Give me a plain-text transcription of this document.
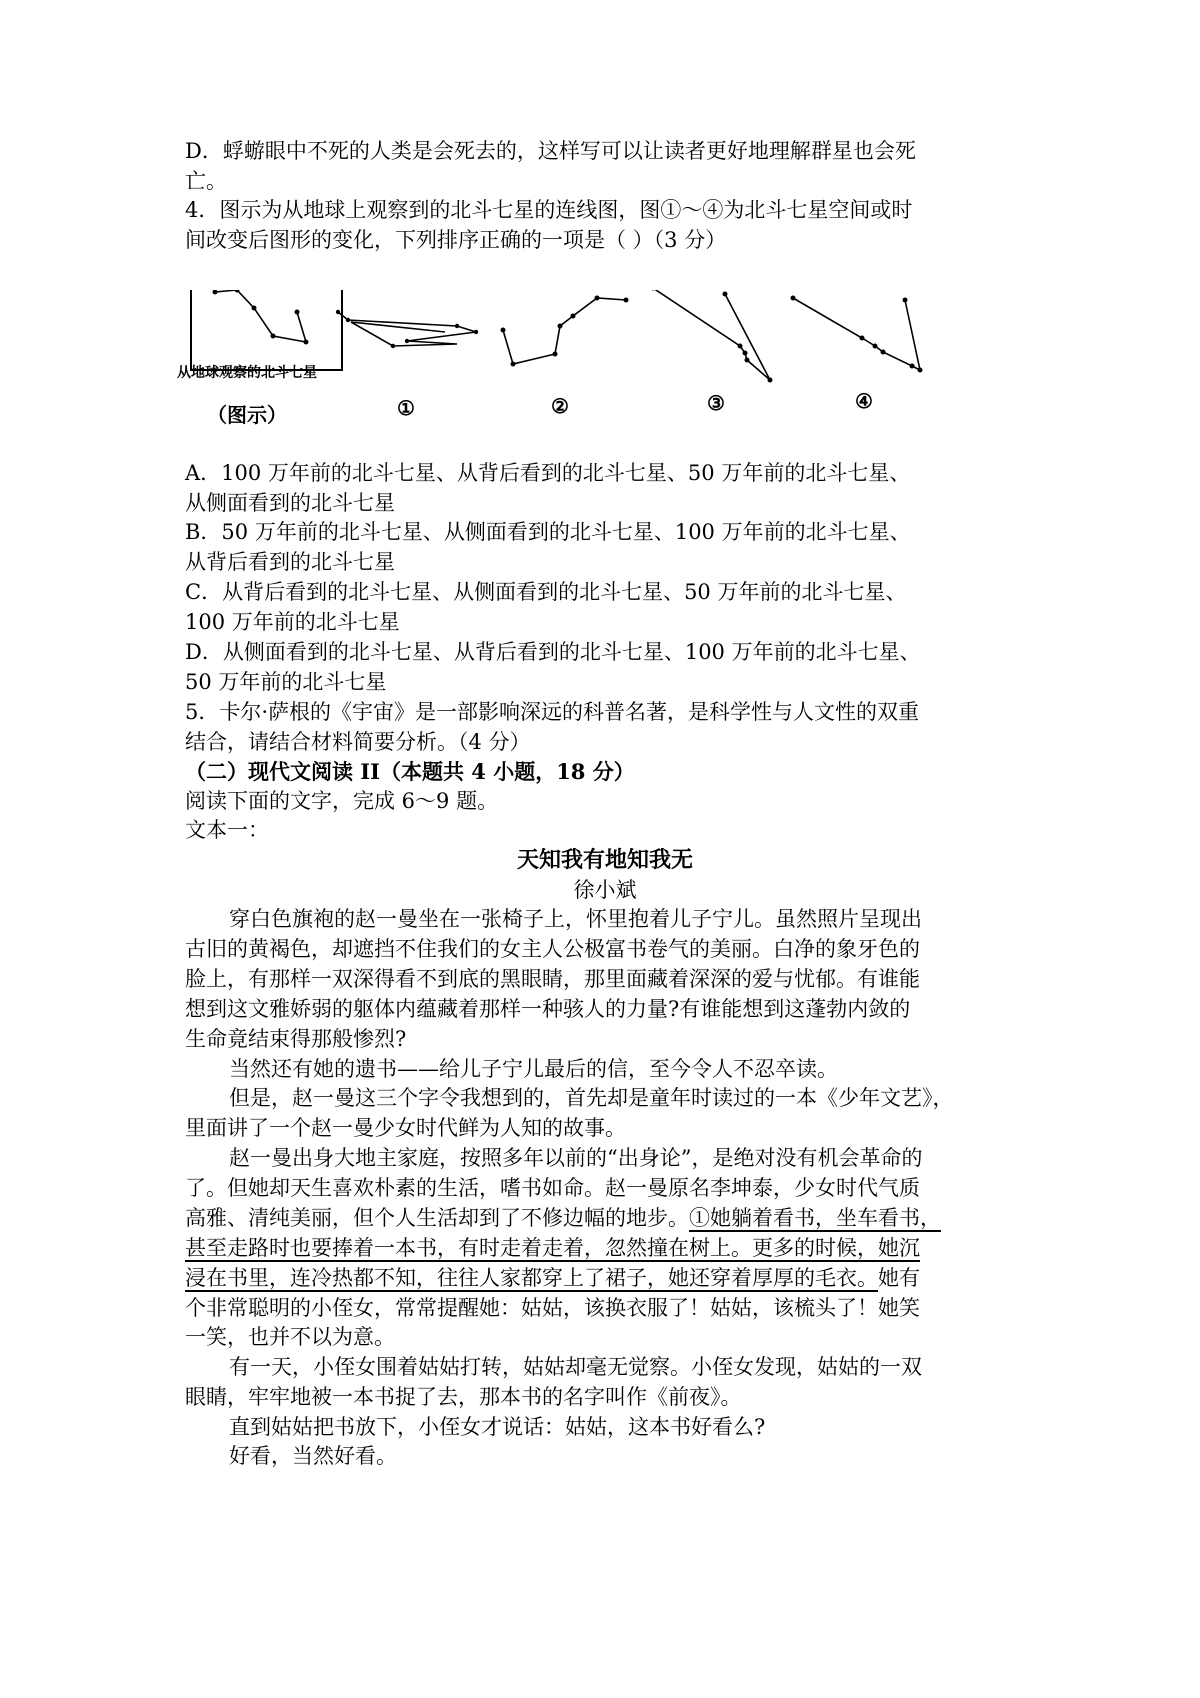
D．蜉蝣眼中不死的人类是会死去的，这样写可以让读者更好地理解群星也会死
亡。
4．图示为从地球上观察到的北斗七星的连线图，图①～④为北斗七星空间或时
间改变后图形的变化，下列排序正确的一项是（ ）（3 分）
从地球观察的北斗七星
（图示）	①	②	③	④
A．100 万年前的北斗七星、从背后看到的北斗七星、50 万年前的北斗七星、
从侧面看到的北斗七星
B．50 万年前的北斗七星、从侧面看到的北斗七星、100 万年前的北斗七星、
从背后看到的北斗七星
C．从背后看到的北斗七星、从侧面看到的北斗七星、50 万年前的北斗七星、
100 万年前的北斗七星
D．从侧面看到的北斗七星、从背后看到的北斗七星、100 万年前的北斗七星、
50 万年前的北斗七星
5．卡尔·萨根的《宇宙》是一部影响深远的科普名著，是科学性与人文性的双重
结合，请结合材料简要分析。（4 分）
（二）现代文阅读 II（本题共 4 小题，18 分）
阅读下面的文字，完成 6～9 题。
文本一：
天知我有地知我无
徐小斌
穿白色旗袍的赵一曼坐在一张椅子上，怀里抱着儿子宁儿。虽然照片呈现出
古旧的黄褐色，却遮挡不住我们的女主人公极富书卷气的美丽。白净的象牙色的
脸上，有那样一双深得看不到底的黑眼睛，那里面藏着深深的爱与忧郁。有谁能
想到这文雅娇弱的躯体内蕴藏着那样一种骇人的力量?有谁能想到这蓬勃内敛的
生命竟结束得那般惨烈?
当然还有她的遗书——给儿子宁儿最后的信，至今令人不忍卒读。
但是，赵一曼这三个字令我想到的，首先却是童年时读过的一本《少年文艺》，
里面讲了一个赵一曼少女时代鲜为人知的故事。
赵一曼出身大地主家庭，按照多年以前的“出身论”，是绝对没有机会革命的
了。但她却天生喜欢朴素的生活，嗜书如命。赵一曼原名李坤泰，少女时代气质
高雅、清纯美丽，但个人生活却到了不修边幅的地步。①她躺着看书，坐车看书，
甚至走路时也要捧着一本书，有时走着走着，忽然撞在树上。更多的时候，她沉
浸在书里，连冷热都不知，往往人家都穿上了裙子，她还穿着厚厚的毛衣。她有
个非常聪明的小侄女，常常提醒她：姑姑，该换衣服了！姑姑，该梳头了！她笑
一笑，也并不以为意。
有一天，小侄女围着姑姑打转，姑姑却毫无觉察。小侄女发现，姑姑的一双
眼睛，牢牢地被一本书捉了去，那本书的名字叫作《前夜》。
直到姑姑把书放下，小侄女才说话：姑姑，这本书好看么?
好看，当然好看。
